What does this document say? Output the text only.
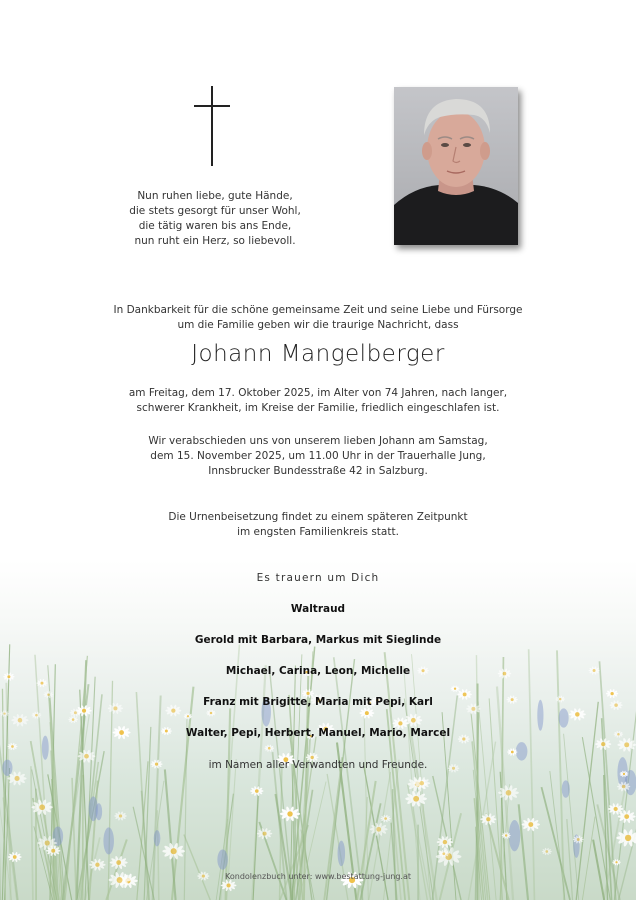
Nun ruhen liebe, gute Hände,
die stets gesorgt für unser Wohl,
die tätig waren bis ans Ende,
nun ruht ein Herz, so liebevoll.
In Dankbarkeit für die schöne gemeinsame Zeit und seine Liebe und Fürsorge
um die Familie geben wir die traurige Nachricht, dass
Johann Mangelberger
am Freitag, dem 17. Oktober 2025, im Alter von 74 Jahren, nach langer,
schwerer Krankheit, im Kreise der Familie, friedlich eingeschlafen ist.
Wir verabschieden uns von unserem lieben Johann am Samstag,
dem 15. November 2025, um 11.00 Uhr in der Trauerhalle Jung,
Innsbrucker Bundesstraße 42 in Salzburg.
Die Urnenbeisetzung findet zu einem späteren Zeitpunkt
im engsten Familienkreis statt.
Es trauern um Dich
Waltraud
Gerold mit Barbara, Markus mit Sieglinde
Michael, Carina, Leon, Michelle
Franz mit Brigitte, Maria mit Pepi, Karl
Walter, Pepi, Herbert, Manuel, Mario, Marcel
im Namen aller Verwandten und Freunde.
Kondolenzbuch unter: www.bestattung-jung.at
